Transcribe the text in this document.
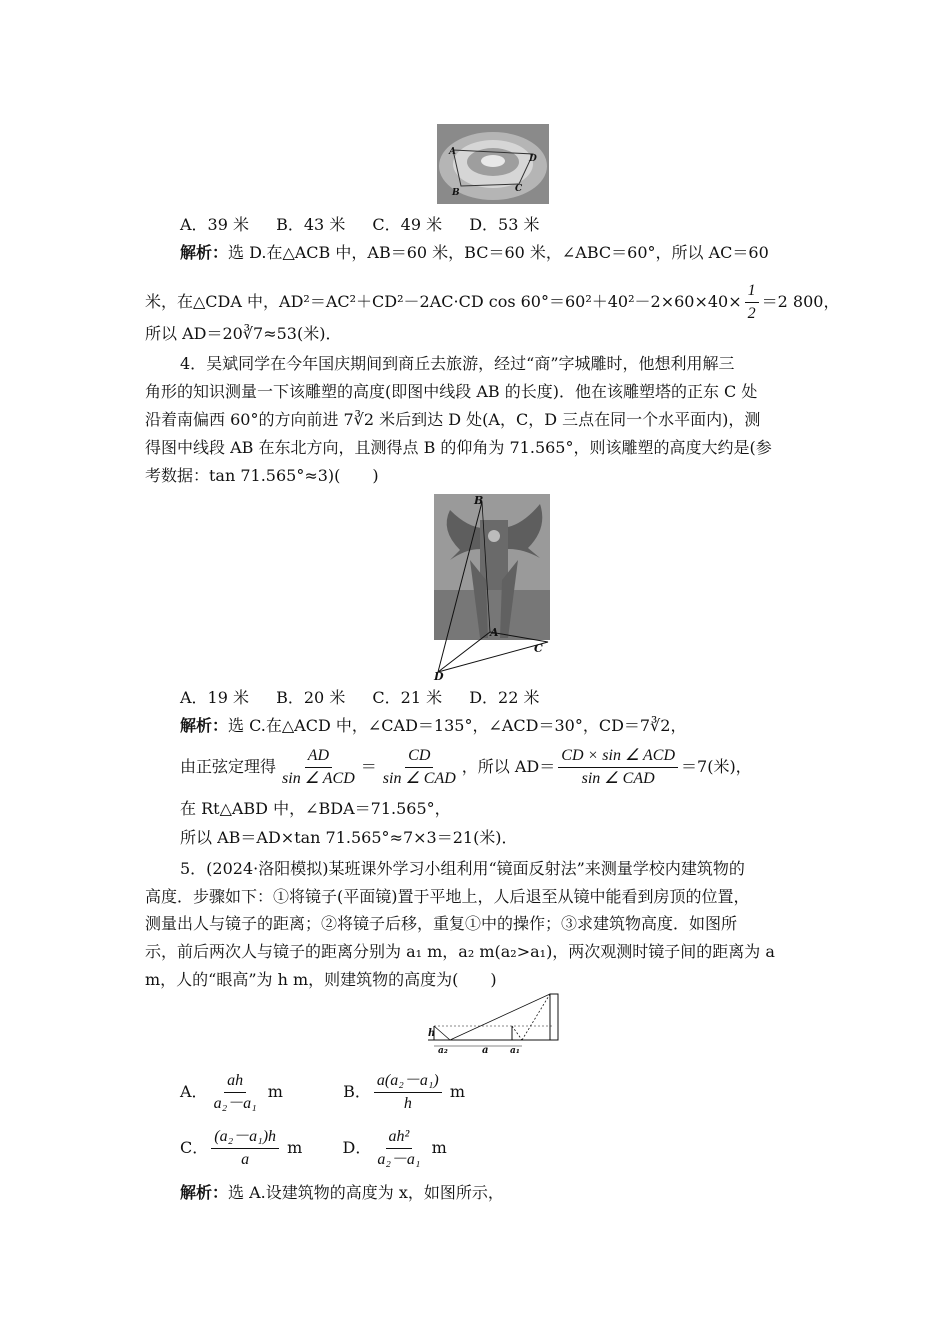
A
D
B	C
A．39 米 B．43 米 C．49 米 D．53 米
解析：选 D.在△ACB 中，AB＝60 米，BC＝60 米，∠ABC＝60°，所以 AC＝60
米，在△CDA 中，AD²＝AC²＋CD²－2AC·CD $\cos 60^\circ=60^2+40^2-2\times 60\times 40\times \frac{1}{2} =2$ 800，
所以 AD＝20∛7≈53(米)．
4．吴斌同学在今年国庆期间到商丘去旅游，经过“商”字城雕时，他想利用解三
角形的知识测量一下该雕塑的高度(即图中线段 AB 的长度)．他在该雕塑塔的正东 C 处
沿着南偏西 60°的方向前进 7∛2 米后到达 D 处(A，C，D 三点在同一个水平面内)，测
得图中线段 AB 在东北方向，且测得点 B 的仰角为 71.565°，则该雕塑的高度大约是(参
考数据：tan 71.565°≈3)(　　)
B
A
C
D
A．19 米 B．20 米 C．21 米 D．22 米
解析：选 C.在△ACD 中，∠CAD＝135°，∠ACD＝30°，CD＝7∛2，
由正弦定理得 $\frac{AD}{\text{sin ∠ ACD}} = \frac{CD}{\text{sin ∠ CAD}}$ ，所以 $AD= \frac{\text{CD × sin ∠ ACD}}{\text{sin ∠ CAD}} =7$(米)，
在 Rt△ABD 中，∠BDA＝71.565°，
所以 AB＝AD×tan 71.565°≈7×3＝21(米)．
5．(2024·洛阳模拟)某班课外学习小组利用“镜面反射法”来测量学校内建筑物的
高度．步骤如下：①将镜子(平面镜)置于平地上，人后退至从镜中能看到房顶的位置，
测量出人与镜子的距离；②将镜子后移，重复①中的操作；③求建筑物高度．如图所
示，前后两次人与镜子的距离分别为 a₁ m，a₂ m(a₂>a₁)，两次观测时镜子间的距离为 a
m，人的“眼高”为 h m，则建筑物的高度为(　　)
h
a₂	a a₁
A． $\frac{ah}{\text{a₂－a₁}}$ m	B． $\frac{\text{a(a₂－a₁)}}{h}$ m
C． $\frac{\text{(a₂－a₁)h}}{a}$ m	D． $\frac{\text{ah²}}{\text{a₂－a₁}}$ m
解析：选 A.设建筑物的高度为 x，如图所示，
